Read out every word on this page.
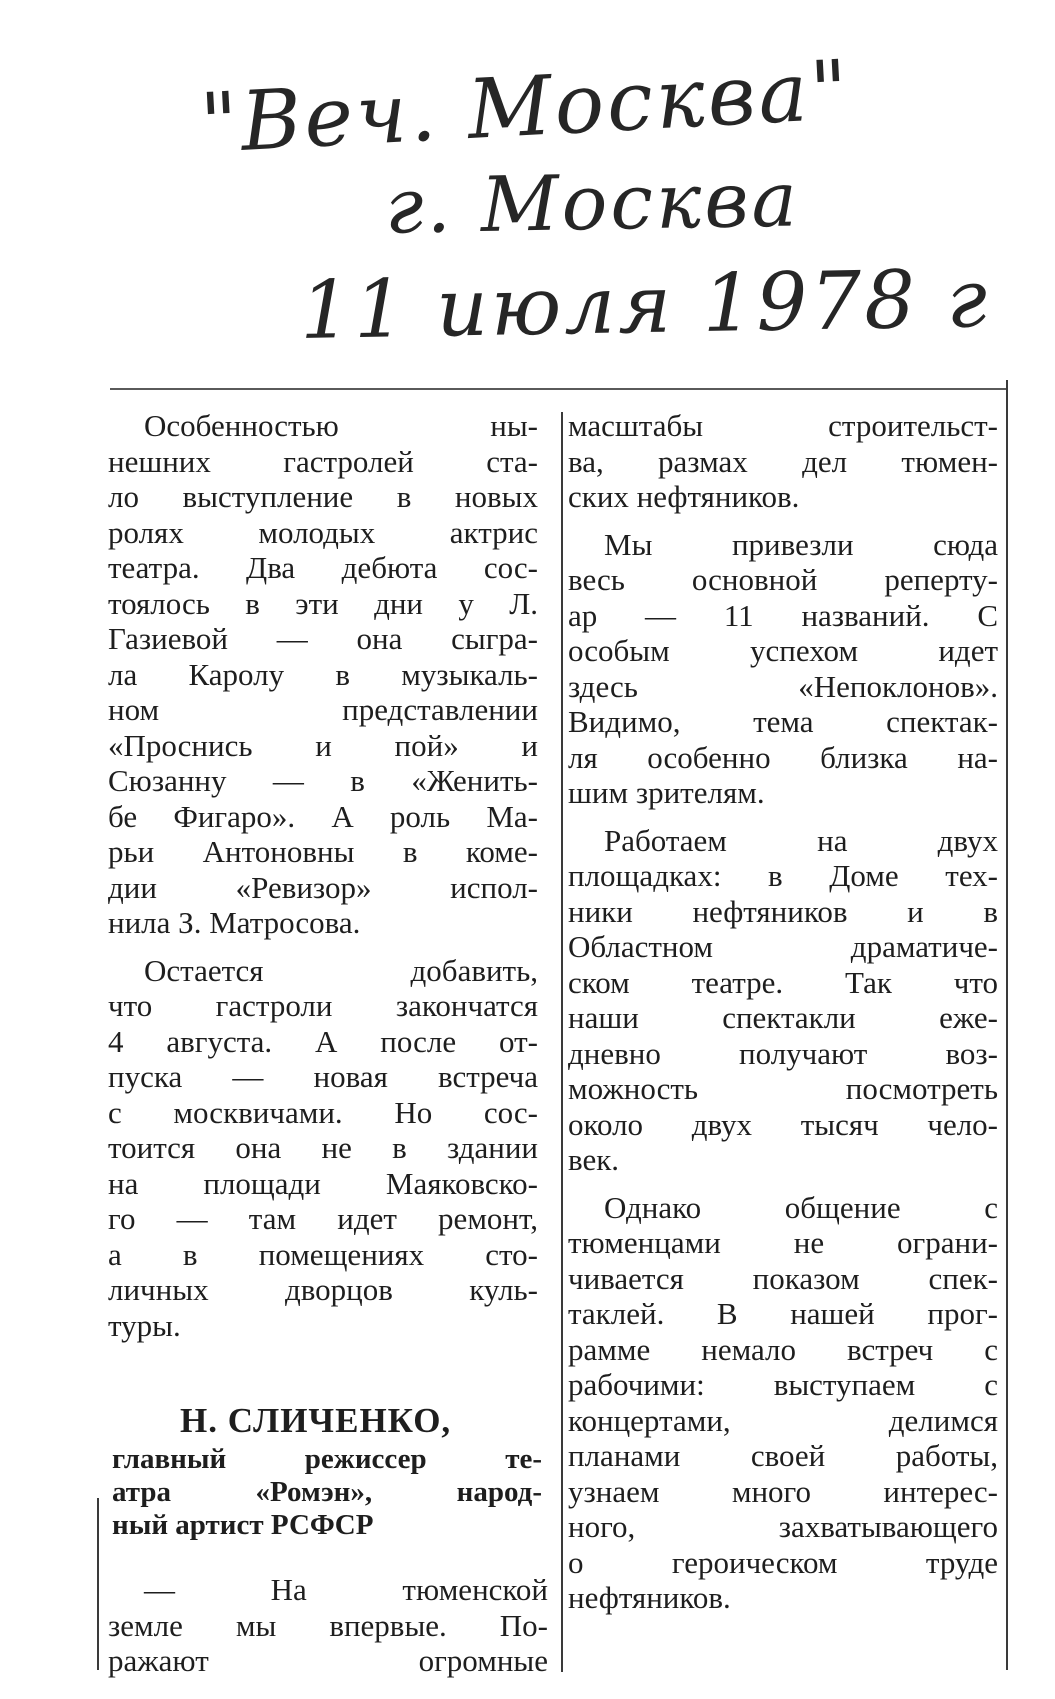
"Веч. Москва"
г. Москва
11 июля 1978 г

Особенностью ны-

нешних гастролей ста-

ло выступление в новых

ролях молодых актрис

театра. Два дебюта сос-

тоялось в эти дни у Л.

Газиевой — она сыгра-

ла Каролу в музыкаль-

ном представлении

«Проснись и пой» и

Сюзанну — в «Женить-

бе Фигаро». А роль Ма-

рьи Антоновны в коме-

дии «Ревизор» испол-

нила З. Матросова.

Остается добавить,

что гастроли закончатся

4 августа. А после от-

пуска — новая встреча

с москвичами. Но сос-

тоится она не в здании

на площади Маяковско-

го — там идет ремонт,

а в помещениях сто-

личных дворцов куль-

туры.

Н. СЛИЧЕНКО,
главный режиссер те-
атра «Ромэн», народ-
ный артист РСФСР

— На тюменской

земле мы впервые. По-

ражают огромные

масштабы строительст-

ва, размах дел тюмен-

ских нефтяников.

Мы привезли сюда

весь основной реперту-

ар — 11 названий. С

особым успехом идет

здесь «Непоклонов».

Видимо, тема спектак-

ля особенно близка на-

шим зрителям.

Работаем на двух

площадках: в Доме тех-

ники нефтяников и в

Областном драматиче-

ском театре. Так что

наши спектакли еже-

дневно получают воз-

можность посмотреть

около двух тысяч чело-

век.

Однако общение с

тюменцами не ограни-

чивается показом спек-

таклей. В нашей прог-

рамме немало встреч с

рабочими: выступаем с

концертами, делимся

планами своей работы,

узнаем много интерес-

ного, захватывающего

о героическом труде

нефтяников.
